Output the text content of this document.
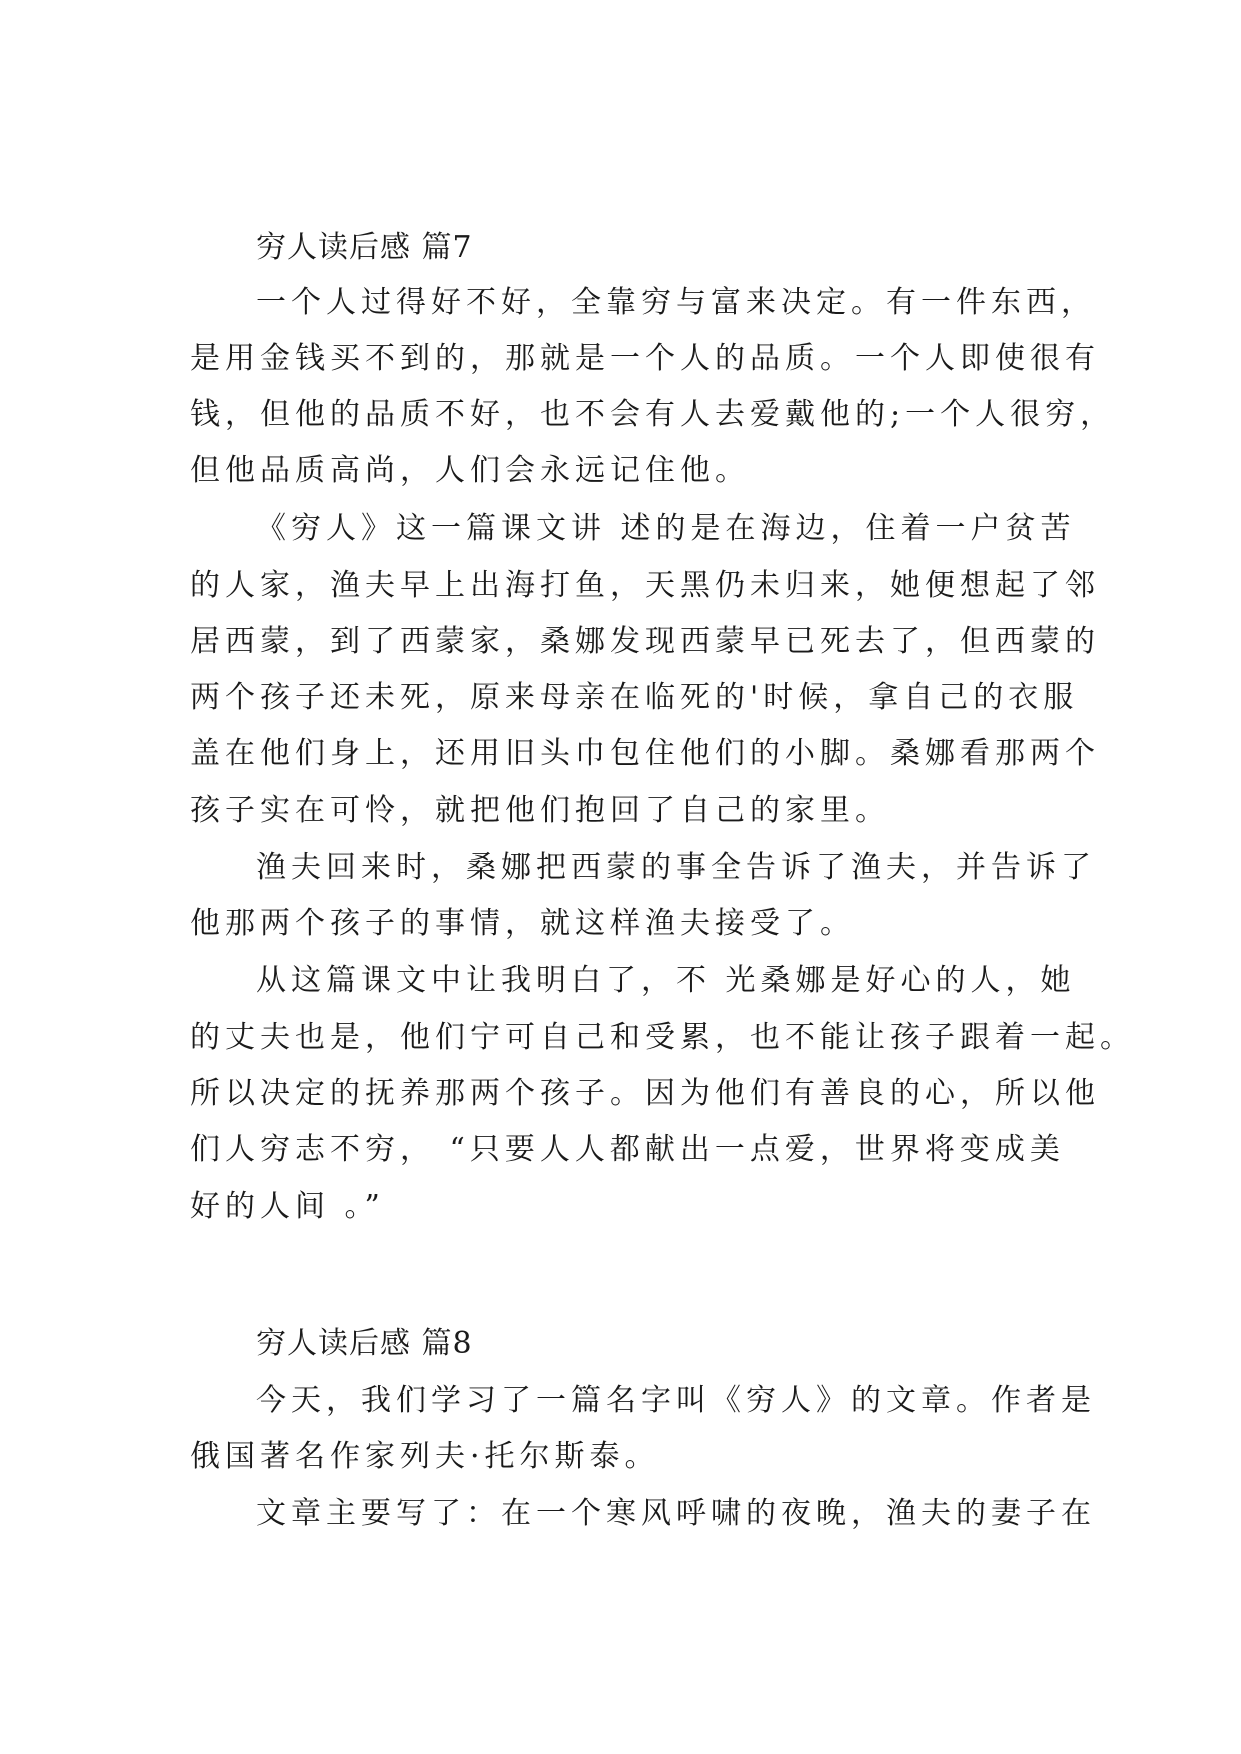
穷人读后感 篇7
一个人过得好不好，全靠穷与富来决定。有一件东西，
是用金钱买不到的，那就是一个人的品质。一个人即使很有
钱，但他的品质不好，也不会有人去爱戴他的;一个人很穷，
但他品质高尚，人们会永远记住他。
《穷人》这一篇课文讲 述的是在海边，住着一户贫苦
的人家，渔夫早上出海打鱼，天黑仍未归来，她便想起了邻
居西蒙，到了西蒙家，桑娜发现西蒙早已死去了，但西蒙的
两个孩子还未死，原来母亲在临死的'时候，拿自己的衣服
盖在他们身上，还用旧头巾包住他们的小脚。桑娜看那两个
孩子实在可怜，就把他们抱回了自己的家里。
渔夫回来时，桑娜把西蒙的事全告诉了渔夫，并告诉了
他那两个孩子的事情，就这样渔夫接受了。
从这篇课文中让我明白了，不 光桑娜是好心的人，她
的丈夫也是，他们宁可自己和受累，也不能让孩子跟着一起。
所以决定的抚养那两个孩子。因为他们有善良的心，所以他
们人穷志不穷， “只要人人都献出一点爱，世界将变成美
好的人间 。”
穷人读后感 篇8
今天，我们学习了一篇名字叫《穷人》的文章。作者是
俄国著名作家列夫·托尔斯泰。
文章主要写了：在一个寒风呼啸的夜晚，渔夫的妻子在
